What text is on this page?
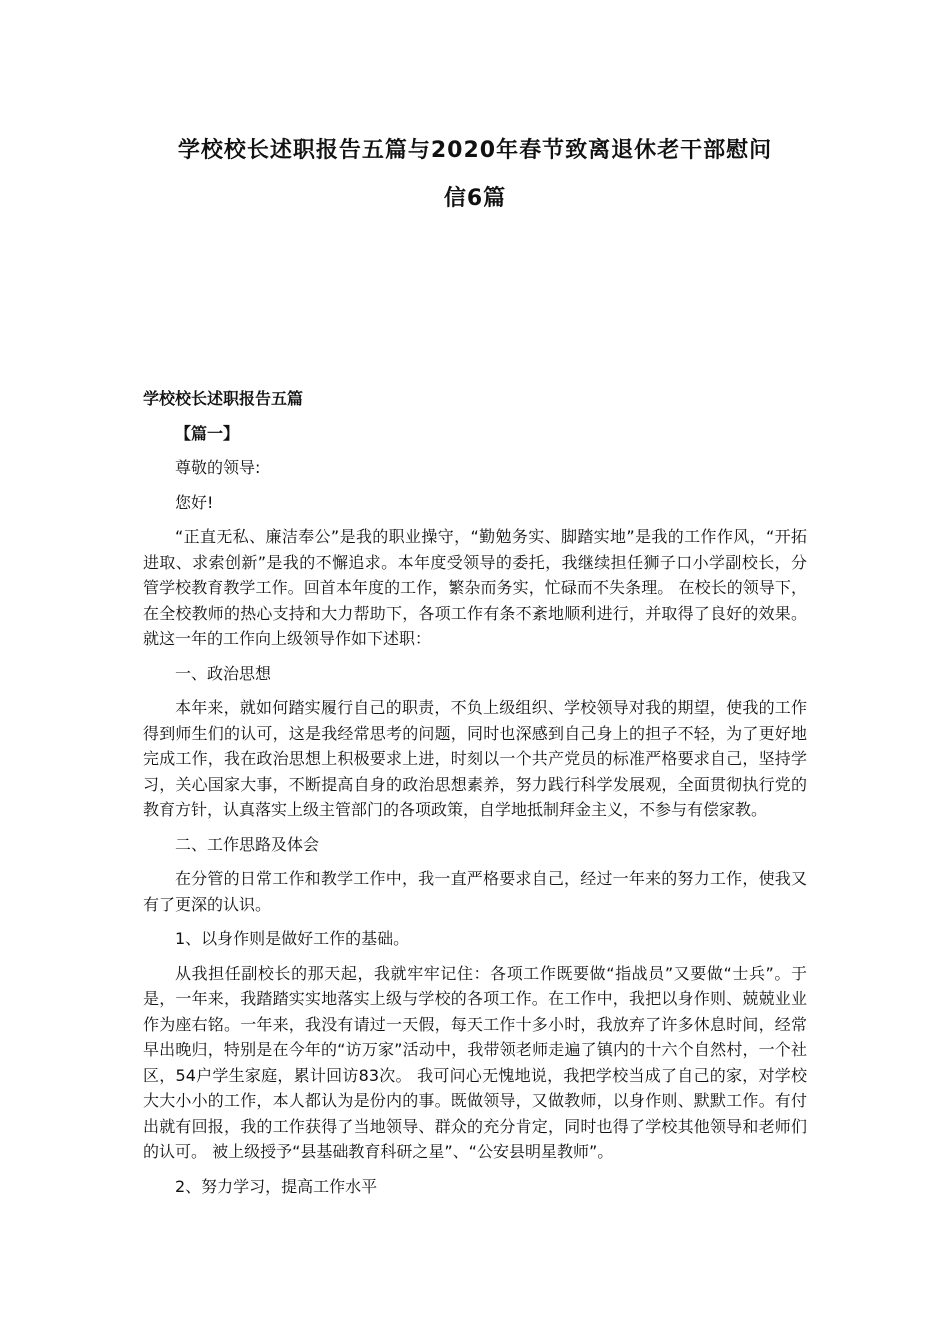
学校校长述职报告五篇与2020年春节致离退休老干部慰问
信6篇
学校校长述职报告五篇

【篇一】

尊敬的领导:

您好!

“正直无私、廉洁奉公”是我的职业操守，“勤勉务实、脚踏实地”是我的工作作风，“开拓进取、求索创新”是我的不懈追求。本年度受领导的委托，我继续担任狮子口小学副校长，分管学校教育教学工作。回首本年度的工作，繁杂而务实，忙碌而不失条理。 在校长的领导下，在全校教师的热心支持和大力帮助下，各项工作有条不紊地顺利进行，并取得了良好的效果。就这一年的工作向上级领导作如下述职：

一、政治思想

本年来，就如何踏实履行自己的职责，不负上级组织、学校领导对我的期望，使我的工作得到师生们的认可，这是我经常思考的问题，同时也深感到自己身上的担子不轻，为了更好地完成工作，我在政治思想上积极要求上进，时刻以一个共产党员的标准严格要求自己，坚持学习，关心国家大事，不断提高自身的政治思想素养，努力践行科学发展观，全面贯彻执行党的教育方针，认真落实上级主管部门的各项政策，自学地抵制拜金主义，不参与有偿家教。

二、工作思路及体会

在分管的日常工作和教学工作中，我一直严格要求自己，经过一年来的努力工作，使我又有了更深的认识。

1、以身作则是做好工作的基础。

从我担任副校长的那天起，我就牢牢记住：各项工作既要做“指战员”又要做“士兵”。于是，一年来，我踏踏实实地落实上级与学校的各项工作。在工作中，我把以身作则、兢兢业业作为座右铭。一年来，我没有请过一天假，每天工作十多小时，我放弃了许多休息时间，经常早出晚归，特别是在今年的“访万家”活动中，我带领老师走遍了镇内的十六个自然村，一个社区，54户学生家庭，累计回访83次。 我可问心无愧地说，我把学校当成了自己的家，对学校大大小小的工作，本人都认为是份内的事。既做领导，又做教师，以身作则、默默工作。有付出就有回报，我的工作获得了当地领导、群众的充分肯定，同时也得了学校其他领导和老师们的认可。 被上级授予“县基础教育科研之星”、“公安县明星教师”。

2、努力学习，提高工作水平
